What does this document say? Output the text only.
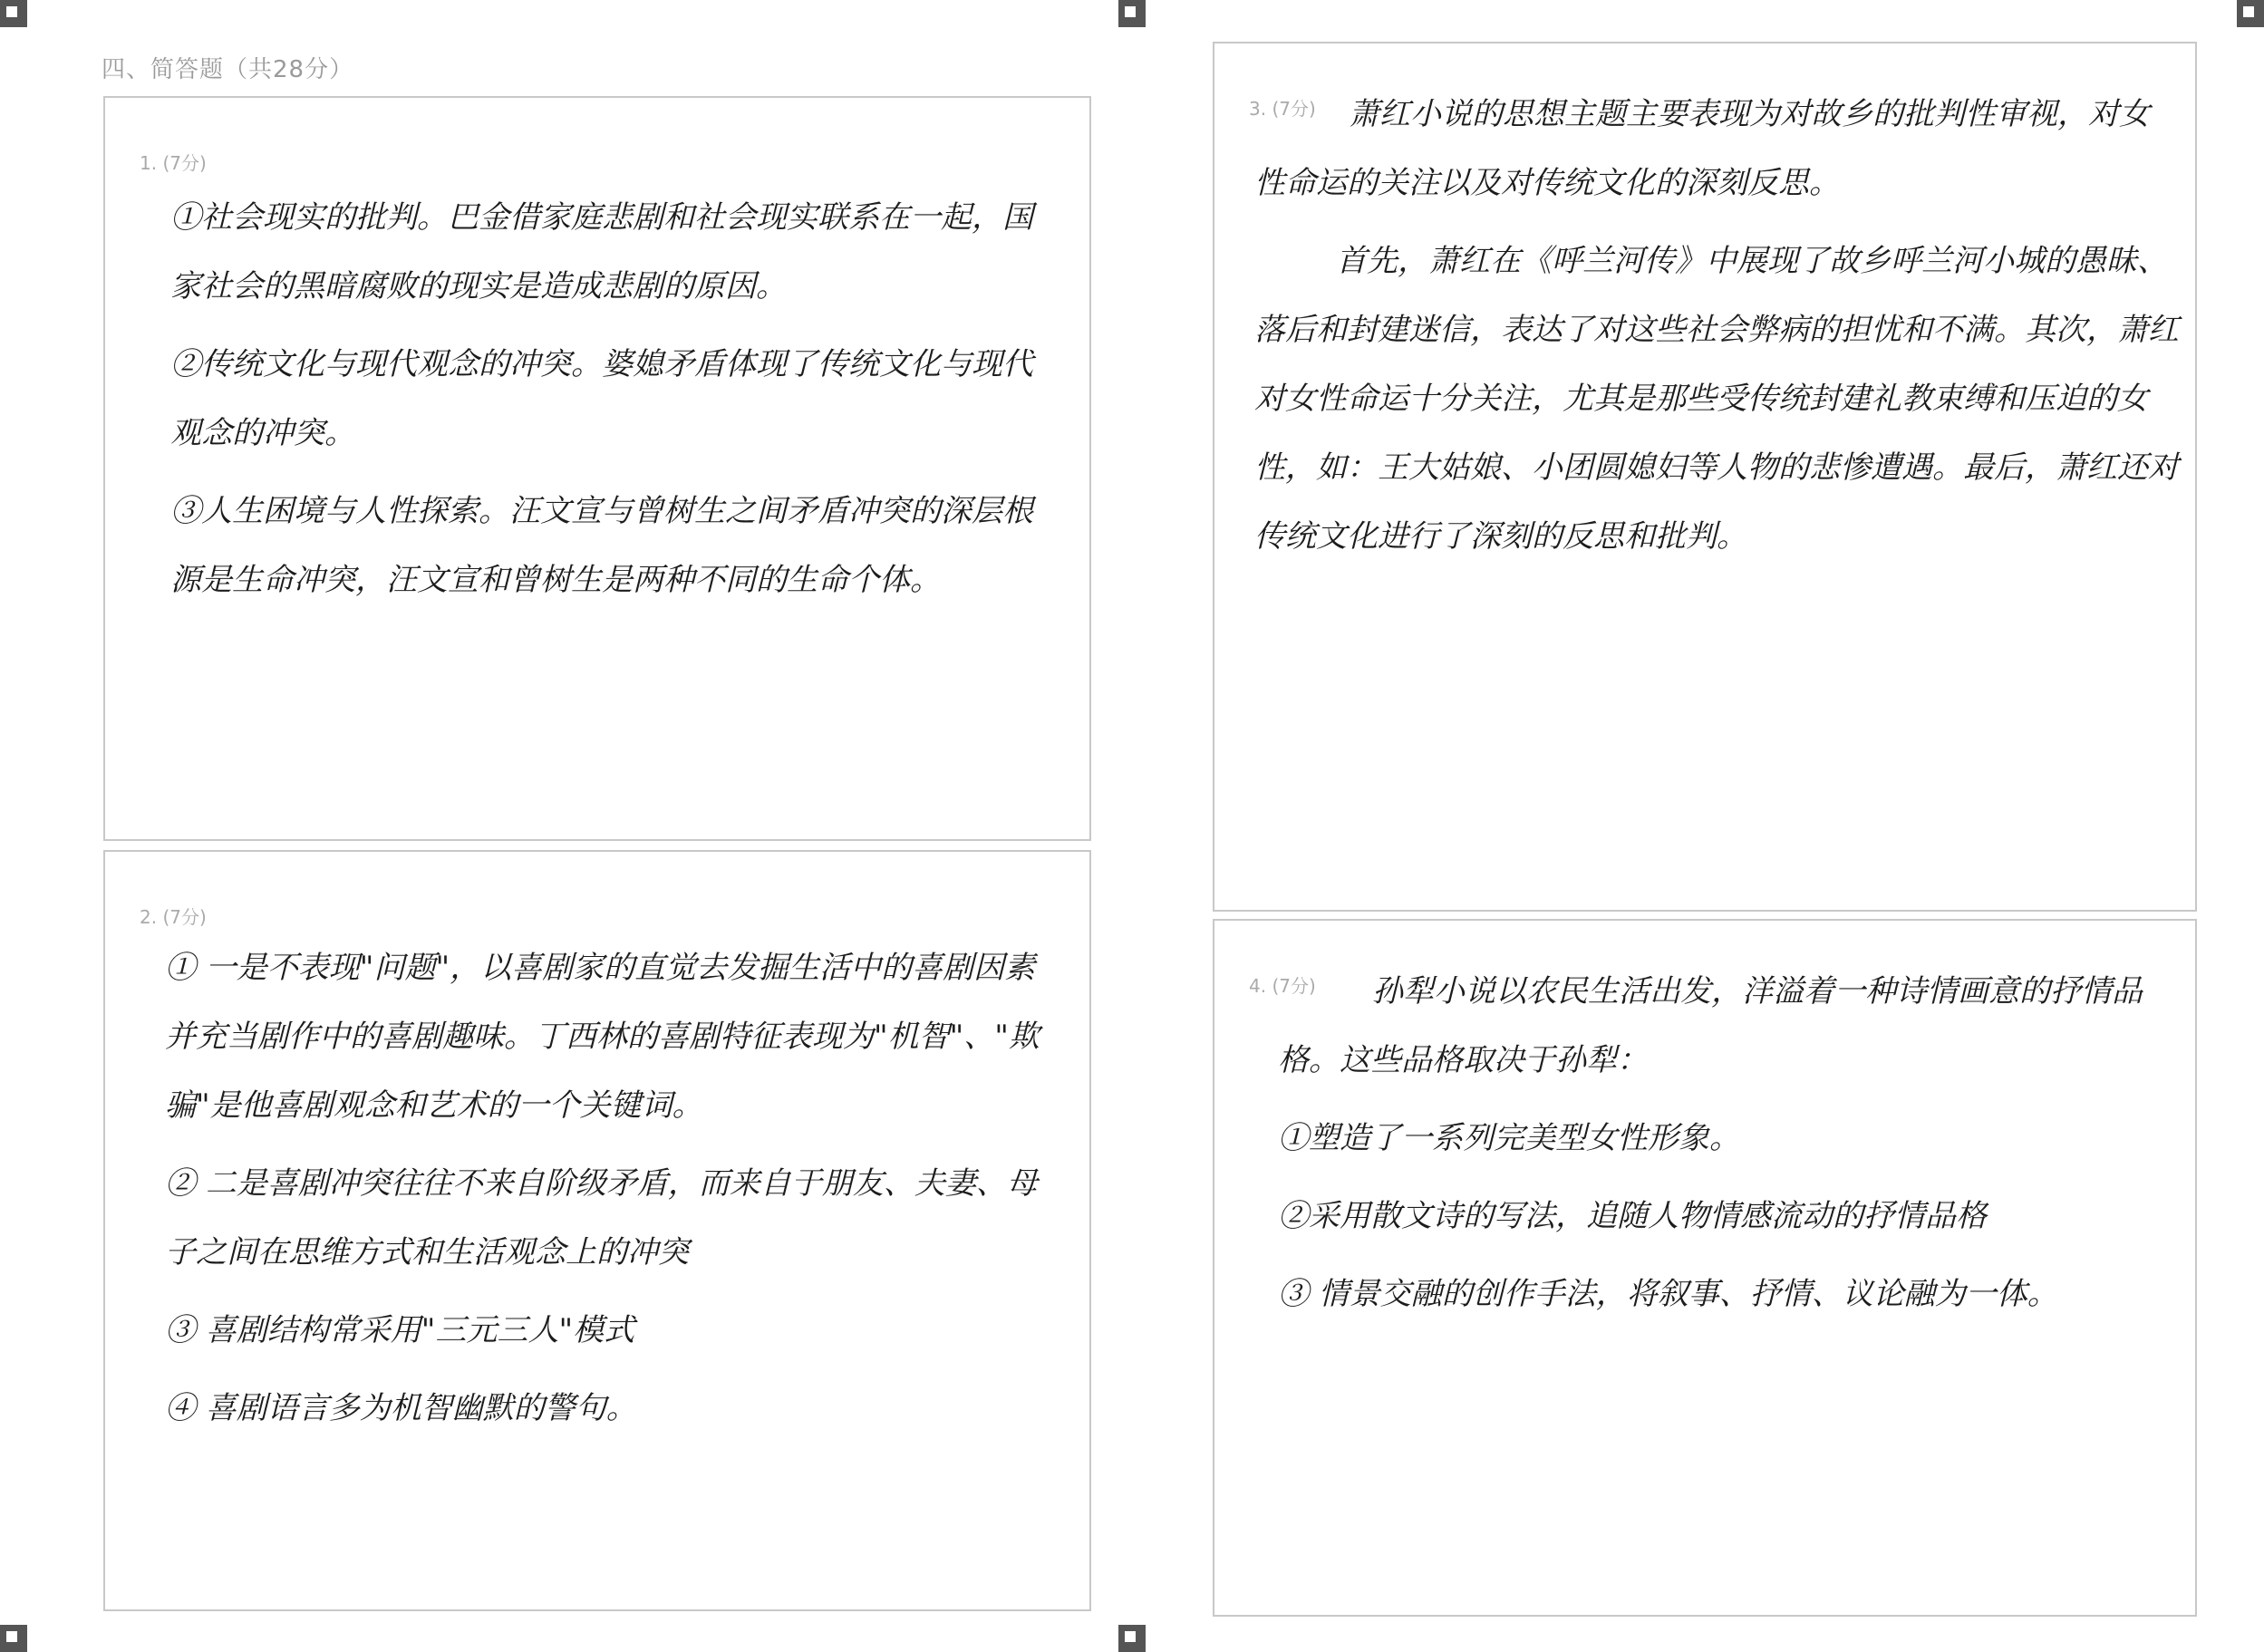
四、简答题（共28分）
1. (7分)

①社会现实的批判。巴金借家庭悲剧和社会现实联系在一起，国家社会的黑暗腐败的现实是造成悲剧的原因。

②传统文化与现代观念的冲突。婆媳矛盾体现了传统文化与现代观念的冲突。

③人生困境与人性探索。汪文宣与曾树生之间矛盾冲突的深层根源是生命冲突，汪文宣和曾树生是两种不同的生命个体。

2. (7分)

① 一是不表现"问题"，以喜剧家的直觉去发掘生活中的喜剧因素并充当剧作中的喜剧趣味。丁西林的喜剧特征表现为"机智"、"欺骗"是他喜剧观念和艺术的一个关键词。

② 二是喜剧冲突往往不来自阶级矛盾，而来自于朋友、夫妻、母子之间在思维方式和生活观念上的冲突

③ 喜剧结构常采用"三元三人"模式

④ 喜剧语言多为机智幽默的警句。

3. (7分)	萧红小说的思想主题主要表现为对故乡的批判性审视，对女性命运的关注以及对传统文化的深刻反思。

首先，萧红在《呼兰河传》中展现了故乡呼兰河小城的愚昧、落后和封建迷信，表达了对这些社会弊病的担忧和不满。其次，萧红对女性命运十分关注，尤其是那些受传统封建礼教束缚和压迫的女性，如：王大姑娘、小团圆媳妇等人物的悲惨遭遇。最后，萧红还对传统文化进行了深刻的反思和批判。

4. (7分)	孙犁小说以农民生活出发，洋溢着一种诗情画意的抒情品格。这些品格取决于孙犁：

①塑造了一系列完美型女性形象。

②采用散文诗的写法，追随人物情感流动的抒情品格

③ 情景交融的创作手法，将叙事、抒情、议论融为一体。
